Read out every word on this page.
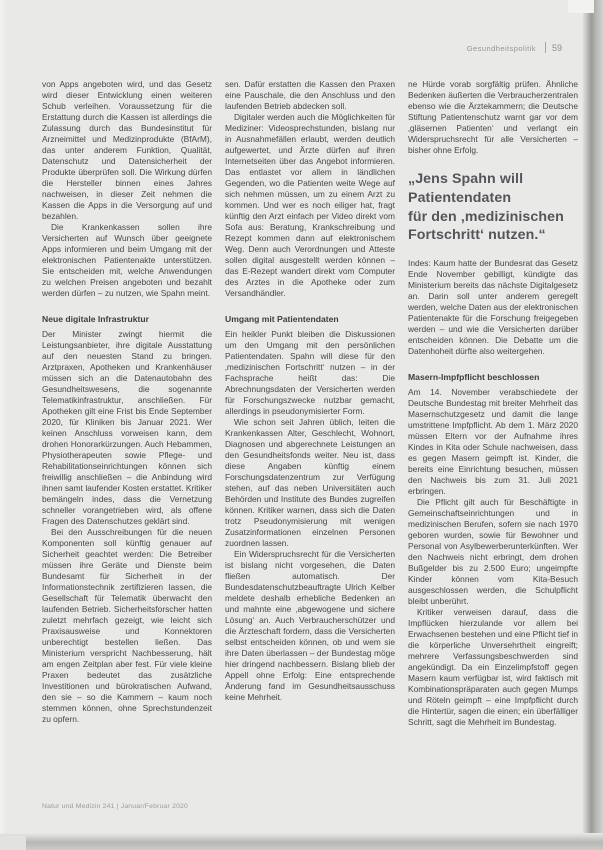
Gesundheitspolitik 59

von Apps angeboten wird, und das Gesetz wird dieser Entwicklung einen weiteren Schub verleihen. Voraussetzung für die Erstattung durch die Kassen ist allerdings die Zulassung durch das Bundesinstitut für Arzneimittel und Medizinprodukte (BfArM), das unter anderem Funktion, Qualität, Datenschutz und Datensicherheit der Produkte überprüfen soll. Die Wirkung dürfen die Hersteller binnen eines Jahres nachweisen, in dieser Zeit nehmen die Kassen die Apps in die Versorgung auf und bezahlen.

Die Krankenkassen sollen ihre Versicherten auf Wunsch über geeignete Apps informieren und beim Umgang mit der elektronischen Patientenakte unterstützen. Sie entscheiden mit, welche Anwendungen zu welchen Preisen angeboten und bezahlt werden dürfen – zu nutzen, wie Spahn meint.

Neue digitale Infrastruktur

Der Minister zwingt hiermit die Leistungsanbieter, ihre digitale Ausstattung auf den neuesten Stand zu bringen. Arztpraxen, Apotheken und Krankenhäuser müssen sich an die Datenautobahn des Gesundheitswesens, die sogenannte Telematikinfrastruktur, anschließen. Für Apotheken gilt eine Frist bis Ende September 2020, für Kliniken bis Januar 2021. Wer keinen Anschluss vorweisen kann, dem drohen Honorarkürzungen. Auch Hebammen, Physiotherapeuten sowie Pflege- und Rehabilitationseinrichtungen können sich freiwillig anschließen – die Anbindung wird ihnen samt laufender Kosten erstattet. Kritiker bemängeln indes, dass die Vernetzung schneller vorangetrieben wird, als offene Fragen des Datenschutzes geklärt sind.

Bei den Ausschreibungen für die neuen Komponenten soll künftig genauer auf Sicherheit geachtet werden: Die Betreiber müssen ihre Geräte und Dienste beim Bundesamt für Sicherheit in der Informationstechnik zertifizieren lassen, die Gesellschaft für Telematik überwacht den laufenden Betrieb. Sicherheitsforscher hatten zuletzt mehrfach gezeigt, wie leicht sich Praxisausweise und Konnektoren unberechtigt bestellen ließen. Das Ministerium verspricht Nachbesserung, hält am engen Zeitplan aber fest. Für viele kleine Praxen bedeutet das zusätzliche Investitionen und bürokratischen Aufwand, den sie – so die Kammern – kaum noch stemmen können, ohne Sprechstundenzeit zu opfern.

sen. Dafür erstatten die Kassen den Praxen eine Pauschale, die den Anschluss und den laufenden Betrieb abdecken soll.

Digitaler werden auch die Möglichkeiten für Mediziner: Videosprechstunden, bislang nur in Ausnahmefällen erlaubt, werden deutlich aufgewertet, und Ärzte dürfen auf ihren Internetseiten über das Angebot informieren. Das entlastet vor allem in ländlichen Gegenden, wo die Patienten weite Wege auf sich nehmen müssen, um zu einem Arzt zu kommen. Und wer es noch eiliger hat, fragt künftig den Arzt einfach per Video direkt vom Sofa aus: Beratung, Krankschreibung und Rezept kommen dann auf elektronischem Weg. Denn auch Verordnungen und Atteste sollen digital ausgestellt werden können – das E-Rezept wandert direkt vom Computer des Arztes in die Apotheke oder zum Versandhändler.

Umgang mit Patientendaten

Ein heikler Punkt bleiben die Diskussionen um den Umgang mit den persönlichen Patientendaten. Spahn will diese für den ‚medizinischen Fortschritt‘ nutzen – in der Fachsprache heißt das: Die Abrechnungsdaten der Versicherten werden für Forschungszwecke nutzbar gemacht, allerdings in pseudonymisierter Form.

Wie schon seit Jahren üblich, leiten die Krankenkassen Alter, Geschlecht, Wohnort, Diagnosen und abgerechnete Leistungen an den Gesundheitsfonds weiter. Neu ist, dass diese Angaben künftig einem Forschungsdatenzentrum zur Verfügung stehen, auf das neben Universitäten auch Behörden und Institute des Bundes zugreifen können. Kritiker warnen, dass sich die Daten trotz Pseudonymisierung mit wenigen Zusatzinformationen einzelnen Personen zuordnen lassen.

Ein Widerspruchsrecht für die Versicherten ist bislang nicht vorgesehen, die Daten fließen automatisch. Der Bundesdatenschutzbeauftragte Ulrich Kelber meldete deshalb erhebliche Bedenken an und mahnte eine ‚abgewogene und sichere Lösung‘ an. Auch Verbraucherschützer und die Ärzteschaft fordern, dass die Versicherten selbst entscheiden können, ob und wem sie ihre Daten überlassen – der Bundestag möge hier dringend nachbessern. Bislang blieb der Appell ohne Erfolg: Eine entsprechende Änderung fand im Gesundheitsausschuss keine Mehrheit.

ne Hürde vorab sorgfältig prüfen. Ähnliche Bedenken äußerten die Verbraucherzentralen ebenso wie die Ärztekammern; die Deutsche Stiftung Patientenschutz warnt gar vor dem ‚gläsernen Patienten‘ und verlangt ein Widerspruchsrecht für alle Versicherten – bisher ohne Erfolg.

„Jens Spahn will
Patientendaten
für den ‚medizinischen
Fortschritt‘ nutzen.“

Indes: Kaum hatte der Bundesrat das Gesetz Ende November gebilligt, kündigte das Ministerium bereits das nächste Digitalgesetz an. Darin soll unter anderem geregelt werden, welche Daten aus der elektronischen Patientenakte für die Forschung freigegeben werden – und wie die Versicherten darüber entscheiden können. Die Debatte um die Datenhoheit dürfte also weitergehen.

Masern-Impfpflicht beschlossen

Am 14. November verabschiedete der Deutsche Bundestag mit breiter Mehrheit das Masernschutzgesetz und damit die lange umstrittene Impfpflicht. Ab dem 1. März 2020 müssen Eltern vor der Aufnahme ihres Kindes in Kita oder Schule nachweisen, dass es gegen Masern geimpft ist. Kinder, die bereits eine Einrichtung besuchen, müssen den Nachweis bis zum 31. Juli 2021 erbringen.

Die Pflicht gilt auch für Beschäftigte in Gemeinschaftseinrichtungen und in medizinischen Berufen, sofern sie nach 1970 geboren wurden, sowie für Bewohner und Personal von Asylbewerberunterkünften. Wer den Nachweis nicht erbringt, dem drohen Bußgelder bis zu 2.500 Euro; ungeimpfte Kinder können vom Kita-Besuch ausgeschlossen werden, die Schulpflicht bleibt unberührt.

Kritiker verweisen darauf, dass die Impflücken hierzulande vor allem bei Erwachsenen bestehen und eine Pflicht tief in die körperliche Unversehrtheit eingreift; mehrere Verfassungsbeschwerden sind angekündigt. Da ein Einzelimpfstoff gegen Masern kaum verfügbar ist, wird faktisch mit Kombinationspräparaten auch gegen Mumps und Röteln geimpft – eine Impfpflicht durch die Hintertür, sagen die einen; ein überfälliger Schritt, sagt die Mehrheit im Bundestag.

Natur und Medizin 241 | Januar/Februar 2020
